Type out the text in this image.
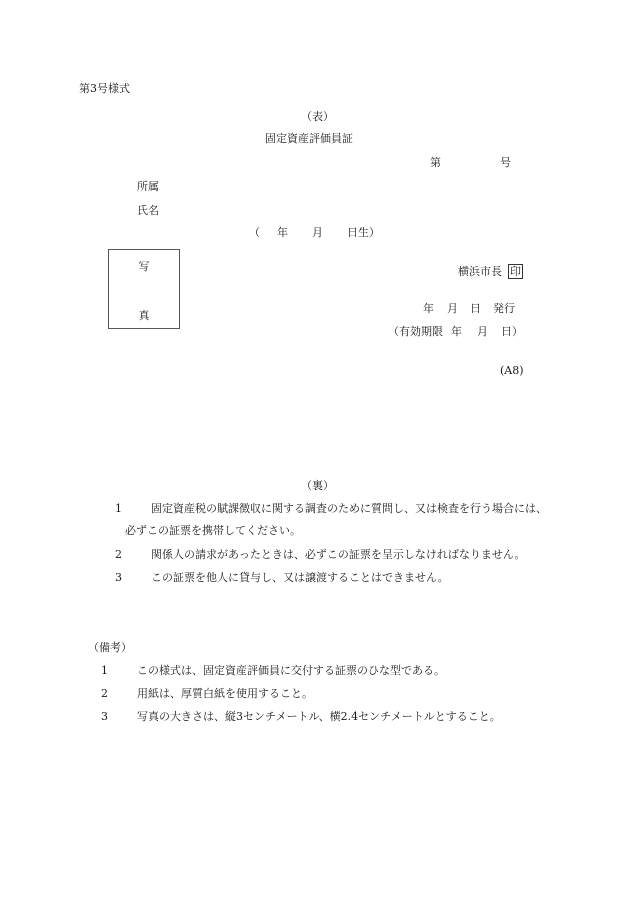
第3号様式
（表）
固定資産評価員証
第	号
所属
氏名
（ 年 月 日生）
写
真
横浜市長 印
年 月 日 発行
（有効期限 年 月 日）
(A8)
（裏）
1	固定資産税の賦課徴収に関する調査のために質問し、又は検査を行う場合には、
必ずこの証票を携帯してください。
2	関係人の請求があったときは、必ずこの証票を呈示しなければなりません。
3	この証票を他人に貸与し、又は譲渡することはできません。
（備考）
1	この様式は、固定資産評価員に交付する証票のひな型である。
2	用紙は、厚質白紙を使用すること。
3	写真の大きさは、縦3センチメートル、横2.4センチメートルとすること。
